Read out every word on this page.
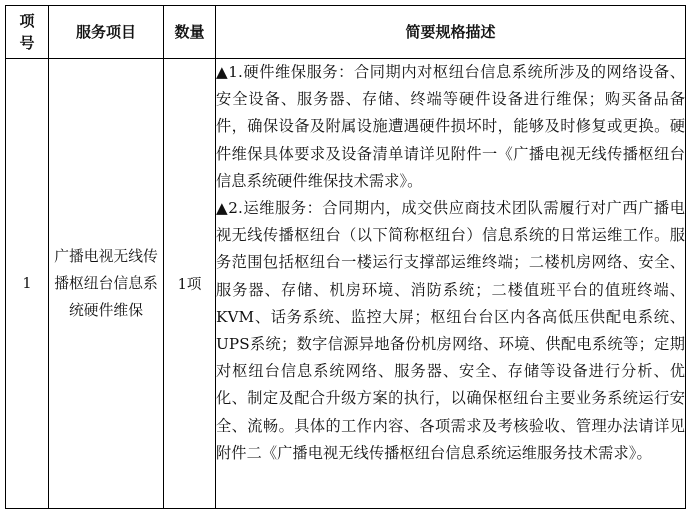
项号	服务项目	数量	简要规格描述
1	广播电视无线传播枢纽台信息系统硬件维保	1项	▲1.硬件维保服务：合同期内对枢纽台信息系统所涉及的网络设备、安全设备、服务器、存储、终端等硬件设备进行维保；购买备品备件，确保设备及附属设施遭遇硬件损坏时，能够及时修复或更换。硬件维保具体要求及设备清单请详见附件一《广播电视无线传播枢纽台信息系统硬件维保技术需求》。

▲2.运维服务：合同期内，成交供应商技术团队需履行对广西广播电视无线传播枢纽台（以下简称枢纽台）信息系统的日常运维工作。服务范围包括枢纽台一楼运行支撑部运维终端；二楼机房网络、安全、服务器、存储、机房环境、消防系统；二楼值班平台的值班终端、KVM、话务系统、监控大屏；枢纽台台区内各高低压供配电系统、UPS系统；数字信源异地备份机房网络、环境、供配电系统等；定期对枢纽台信息系统网络、服务器、安全、存储等设备进行分析、优化、制定及配合升级方案的执行，以确保枢纽台主要业务系统运行安全、流畅。具体的工作内容、各项需求及考核验收、管理办法请详见附件二《广播电视无线传播枢纽台信息系统运维服务技术需求》。
